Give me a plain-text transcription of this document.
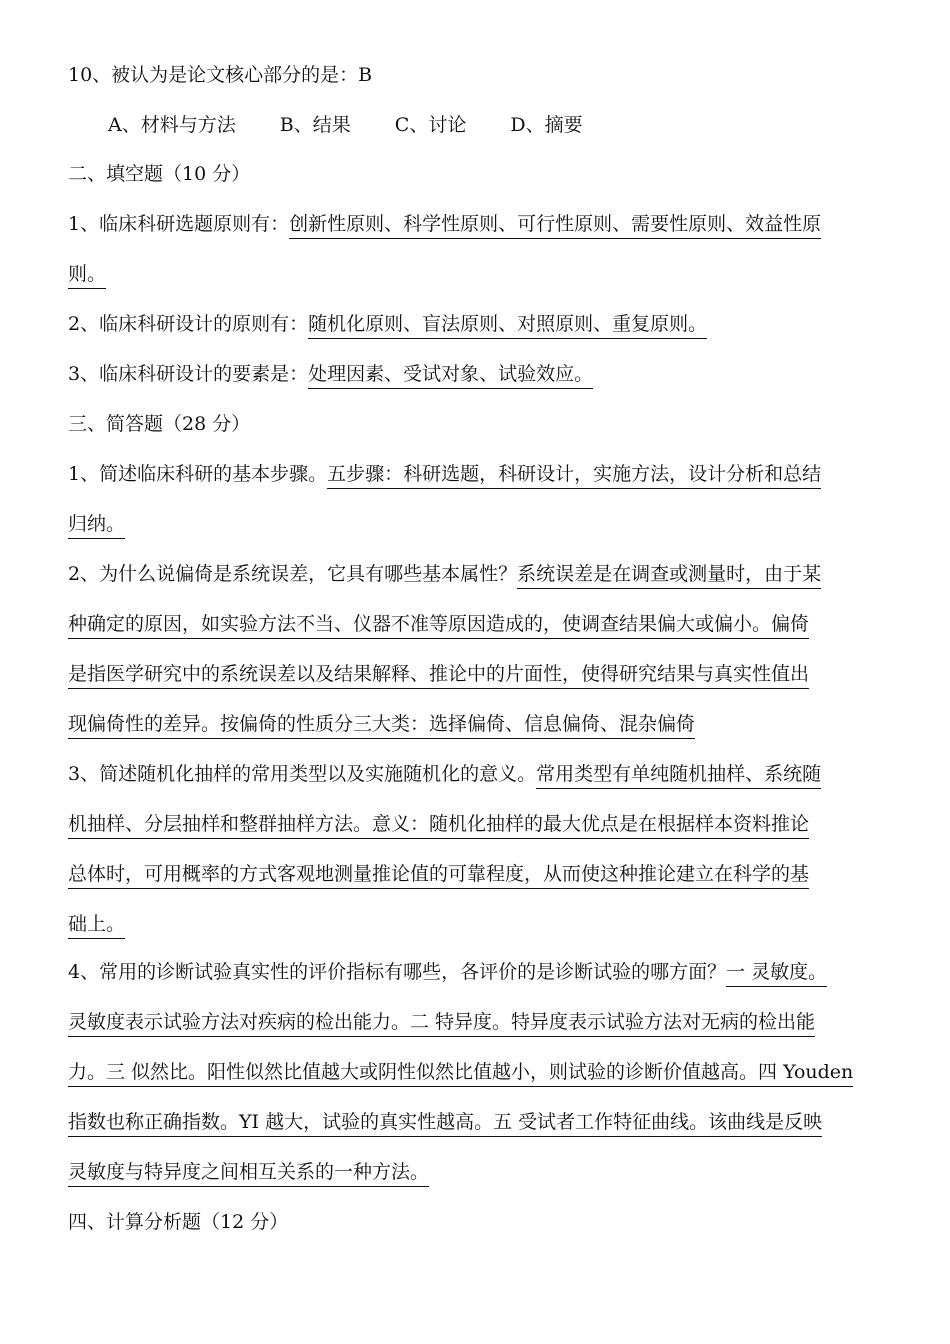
10、被认为是论文核心部分的是：B
A、材料与方法 B、结果 C、讨论 D、摘要
二、填空题（10 分）
1、临床科研选题原则有：创新性原则、科学性原则、可行性原则、需要性原则、效益性原
则。
2、临床科研设计的原则有：随机化原则、盲法原则、对照原则、重复原则。
3、临床科研设计的要素是：处理因素、受试对象、试验效应。
三、简答题（28 分）
1、简述临床科研的基本步骤。五步骤：科研选题，科研设计，实施方法，设计分析和总结
归纳。
2、为什么说偏倚是系统误差，它具有哪些基本属性？系统误差是在调查或测量时，由于某
种确定的原因，如实验方法不当、仪器不准等原因造成的，使调查结果偏大或偏小。偏倚
是指医学研究中的系统误差以及结果解释、推论中的片面性，使得研究结果与真实性值出
现偏倚性的差异。按偏倚的性质分三大类：选择偏倚、信息偏倚、混杂偏倚
3、简述随机化抽样的常用类型以及实施随机化的意义。常用类型有单纯随机抽样、系统随
机抽样、分层抽样和整群抽样方法。意义：随机化抽样的最大优点是在根据样本资料推论
总体时，可用概率的方式客观地测量推论值的可靠程度，从而使这种推论建立在科学的基
础上。
4、常用的诊断试验真实性的评价指标有哪些，各评价的是诊断试验的哪方面？一 灵敏度。
灵敏度表示试验方法对疾病的检出能力。二 特异度。特异度表示试验方法对无病的检出能
力。三 似然比。阳性似然比值越大或阴性似然比值越小，则试验的诊断价值越高。四 Youden
指数也称正确指数。YI 越大，试验的真实性越高。五 受试者工作特征曲线。该曲线是反映
灵敏度与特异度之间相互关系的一种方法。
四、计算分析题（12 分）
